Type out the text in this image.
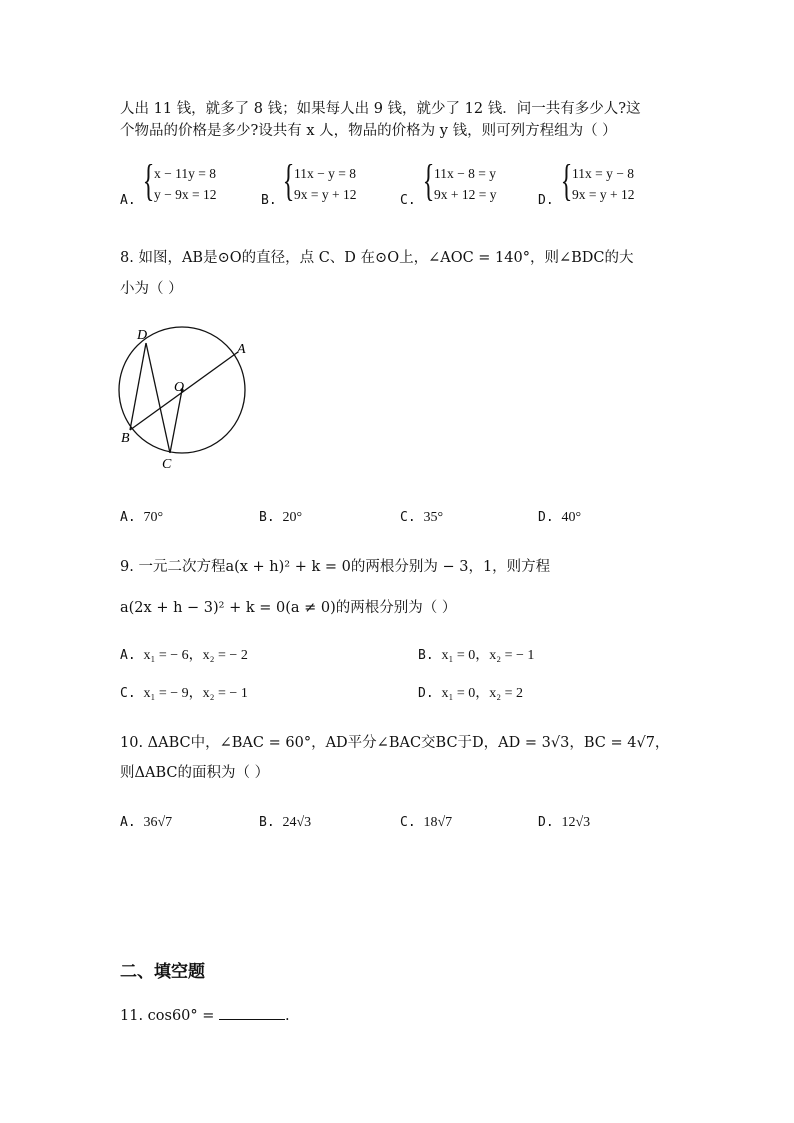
人出 11 钱，就多了 8 钱；如果每人出 9 钱，就少了 12 钱．问一共有多少人?这
个物品的价格是多少?设共有 x 人，物品的价格为 y 钱，则可列方程组为（ ）
A. { x − 11y = 8
y − 9x = 12	B. { 11x − y = 8
9x = y + 12	C. { 11x − 8 = y
9x + 12 = y	D. { 11x = y − 8
9x = y + 12
8. 如图，AB是⊙O的直径，点 C、D 在⊙O上，∠AOC = 140°，则∠BDC的大
小为（ ）
D
A
O
B
C
A. 70°	B. 20°	C. 35°	D. 40°
9. 一元二次方程a(x + h)² + k = 0的两根分别为 − 3，1，则方程
a(2x + h − 3)² + k = 0(a ≠ 0)的两根分别为（ ）
A. x₁ = − 6，x₂ = − 2	B. x₁ = 0，x₂ = − 1
C. x₁ = − 9，x₂ = − 1	D. x₁ = 0，x₂ = 2
10. ΔABC中，∠BAC = 60°，AD平分∠BAC交BC于D，AD = 3√3，BC = 4√7，
则ΔABC的面积为（ ）
A. 36√7	B. 24√3	C. 18√7	D. 12√3
二、填空题
11. cos60° =	.
